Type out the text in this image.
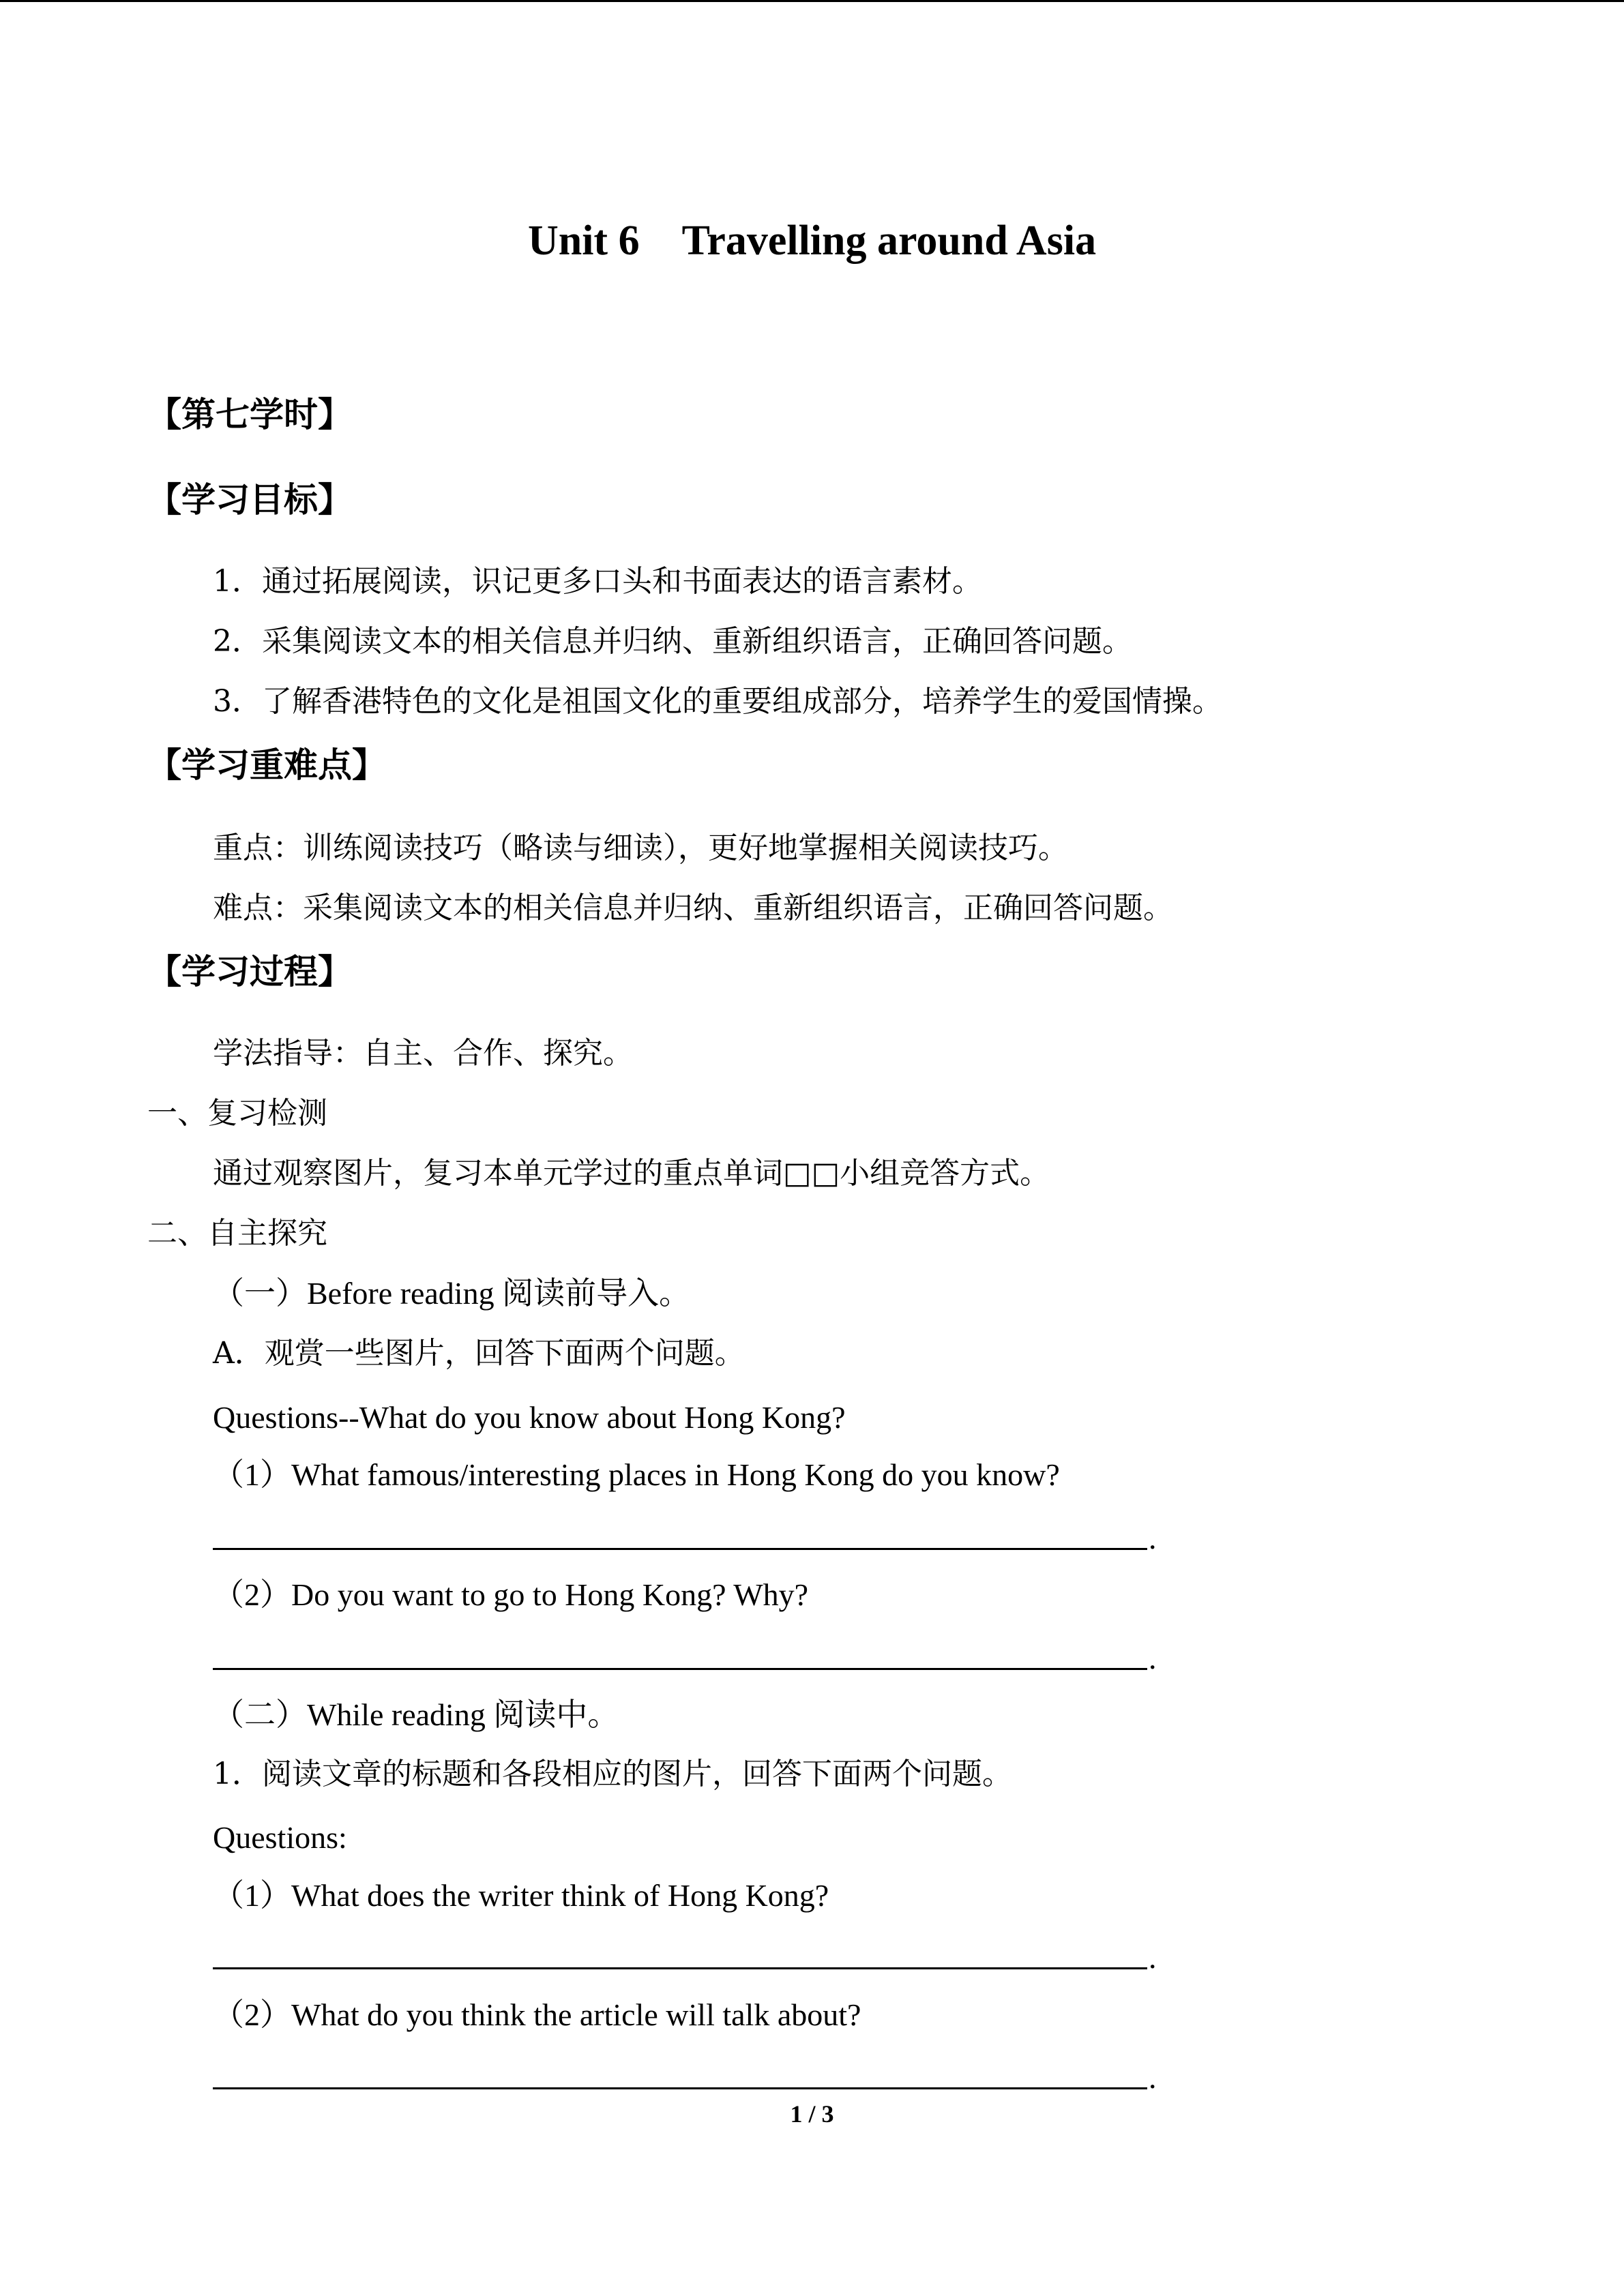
Unit 6　Travelling around Asia
【第七学时】
【学习目标】
1．通过拓展阅读，识记更多口头和书面表达的语言素材。
2．采集阅读文本的相关信息并归纳、重新组织语言，正确回答问题。
3．了解香港特色的文化是祖国文化的重要组成部分，培养学生的爱国情操。
【学习重难点】
重点：训练阅读技巧（略读与细读），更好地掌握相关阅读技巧。
难点：采集阅读文本的相关信息并归纳、重新组织语言，正确回答问题。
【学习过程】
学法指导：自主、合作、探究。
一、复习检测
通过观察图片，复习本单元学过的重点单词□□小组竞答方式。
二、自主探究
（一）Before reading 阅读前导入。
A．观赏一些图片，回答下面两个问题。
Questions--What do you know about Hong Kong?
（1）What famous/interesting places in Hong Kong do you know?
.
（2）Do you want to go to Hong Kong? Why?
.
（二）While reading 阅读中。
1．阅读文章的标题和各段相应的图片，回答下面两个问题。
Questions:
（1）What does the writer think of Hong Kong?
.
（2）What do you think the article will talk about?
.
1 / 3
